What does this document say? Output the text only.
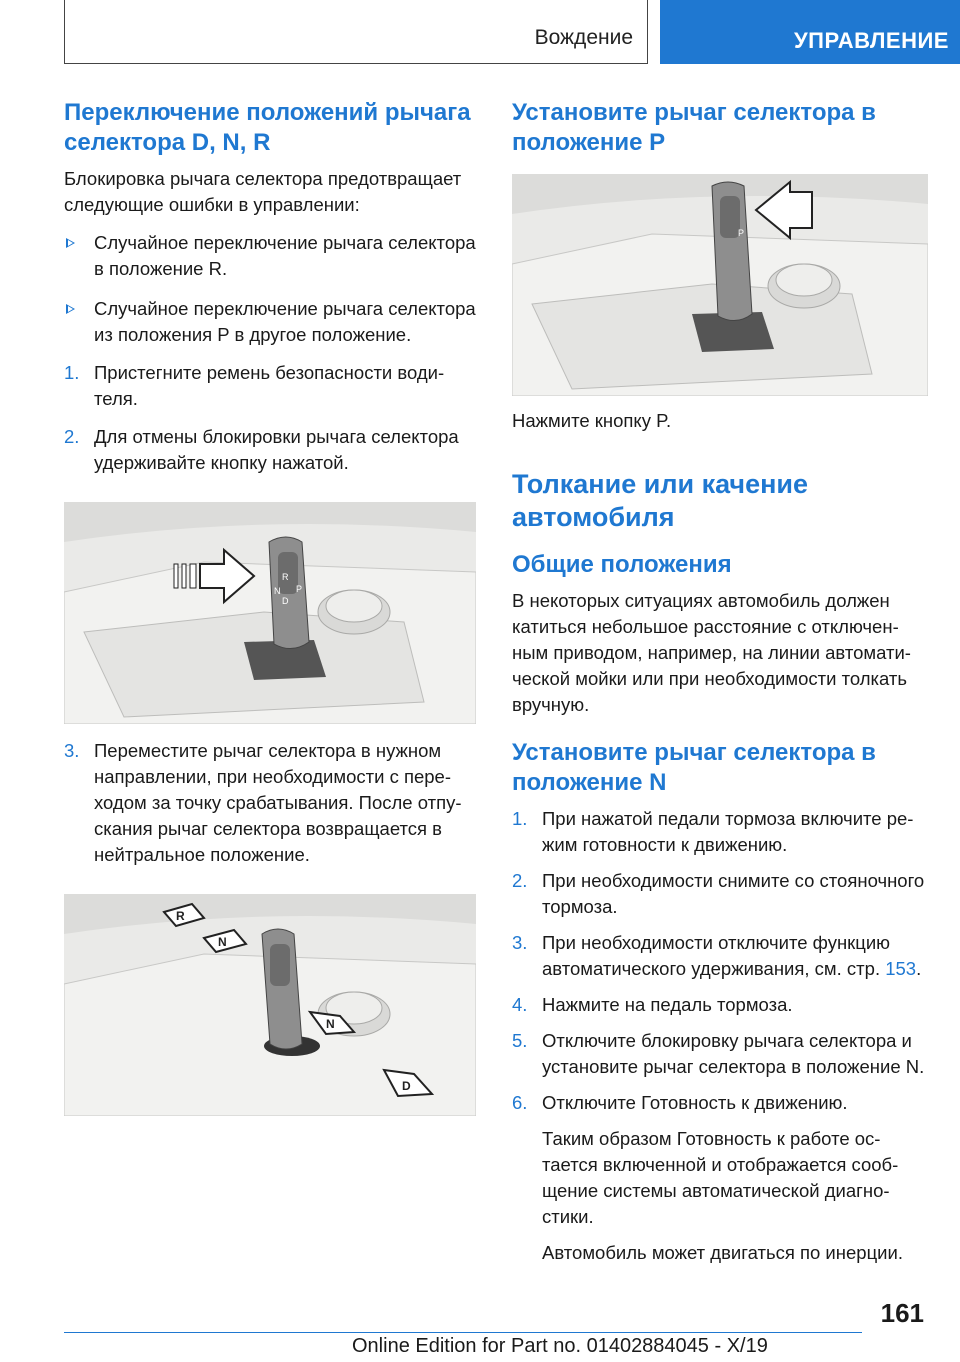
Вождение	УПРАВЛЕНИЕ
Переключение положений рычага селектора D, N, R

Блокировка рычага селектора предотвращает следующие ошибки в управлении:

Случайное переключение рычага селектора в положение R.
Случайное переключение рычага селектора из положения P в другое положение.
1. Пристегните ремень безопасности водителя.
2. Для отмены блокировки рычага селектора удерживайте кнопку нажатой.
P
R
N
D
3. Переместите рычаг селектора в нужном направлении, при необходимости с переходом за точку срабатывания. После отпускания рычаг селектора возвращается в нейтральное положение.
R
N
N
D
Установите рычаг селектора в положение P
P

Нажмите кнопку P.

Толкание или качение автомобиля
Общие положения

В некоторых ситуациях автомобиль должен катиться небольшое расстояние с отключенным приводом, например, на линии автоматической мойки или при необходимости толкать вручную.

Установите рычаг селектора в положение N
1. При нажатой педали тормоза включите режим готовности к движению.
2. При необходимости снимите со стояночного тормоза.
3. При необходимости отключите функцию автоматического удерживания, см. стр. 153.
4. Нажмите на педаль тормоза.
5. Отключите блокировку рычага селектора и установите рычаг селектора в положение N.
6. Отключите Готовность к движению.
Таким образом Готовность к работе остается включенной и отображается сообщение системы автоматической диагностики.
Автомобиль может двигаться по инерции.
161
Online Edition for Part no. 01402884045 - X/19
